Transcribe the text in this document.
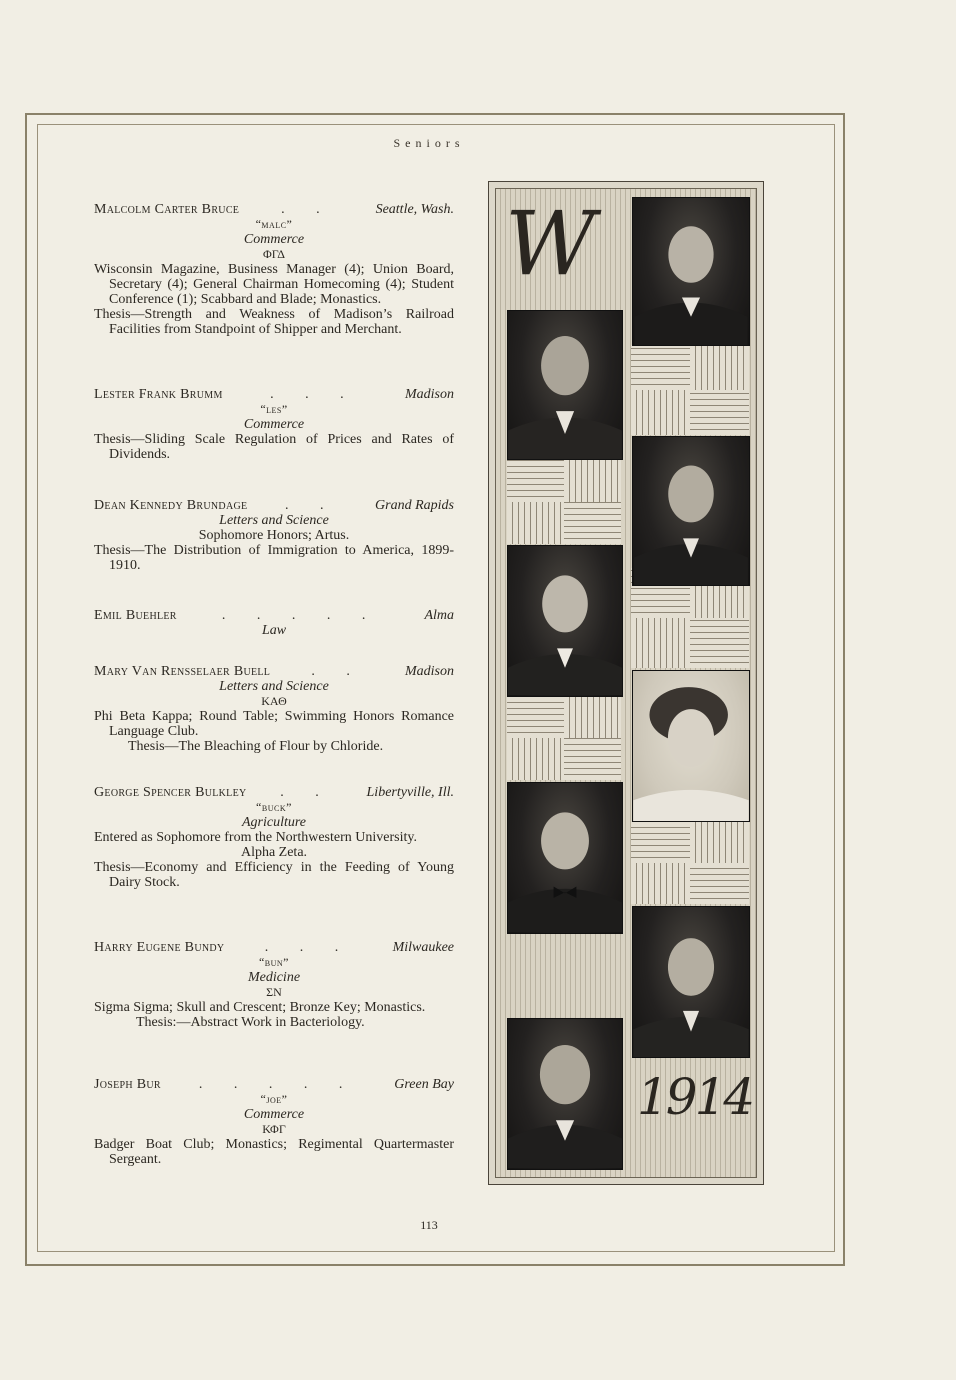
Seniors
Malcolm Carter Bruce	. .	Seattle, Wash.
“malc”
Commerce
ΦΓΔ
Wisconsin Magazine, Business Manager (4); Union Board, Secretary (4); General Chairman Homecoming (4); Student Conference (1); Scabbard and Blade; Monastics.
Thesis—Strength and Weakness of Madison’s Railroad Facilities from Standpoint of Shipper and Merchant.
Lester Frank Brumm	. . .	Madison
“les”
Commerce
Thesis—Sliding Scale Regulation of Prices and Rates of Dividends.
Dean Kennedy Brundage	. .	Grand Rapids
Letters and Science
Sophomore Honors; Artus.
Thesis—The Distribution of Immigration to America, 1899-1910.
Emil Buehler	. . . . .	Alma
Law
Mary Van Rensselaer Buell	. .	Madison
Letters and Science
ΚΑΘ
Phi Beta Kappa; Round Table; Swimming Honors Romance Language Club.
Thesis—The Bleaching of Flour by Chloride.
George Spencer Bulkley	. .	Libertyville, Ill.
“buck”
Agriculture
Entered as Sophomore from the Northwestern University.
Alpha Zeta.
Thesis—Economy and Efficiency in the Feeding of Young Dairy Stock.
Harry Eugene Bundy	. . .	Milwaukee
“bun”
Medicine
ΣΝ
Sigma Sigma; Skull and Crescent; Bronze Key; Monastics.
Thesis:—Abstract Work in Bacteriology.
Joseph Bur	. . . . .	Green Bay
“joe”
Commerce
ΚΦΓ
Badger Boat Club; Monastics; Regimental Quartermaster Sergeant.
W
1914
113
